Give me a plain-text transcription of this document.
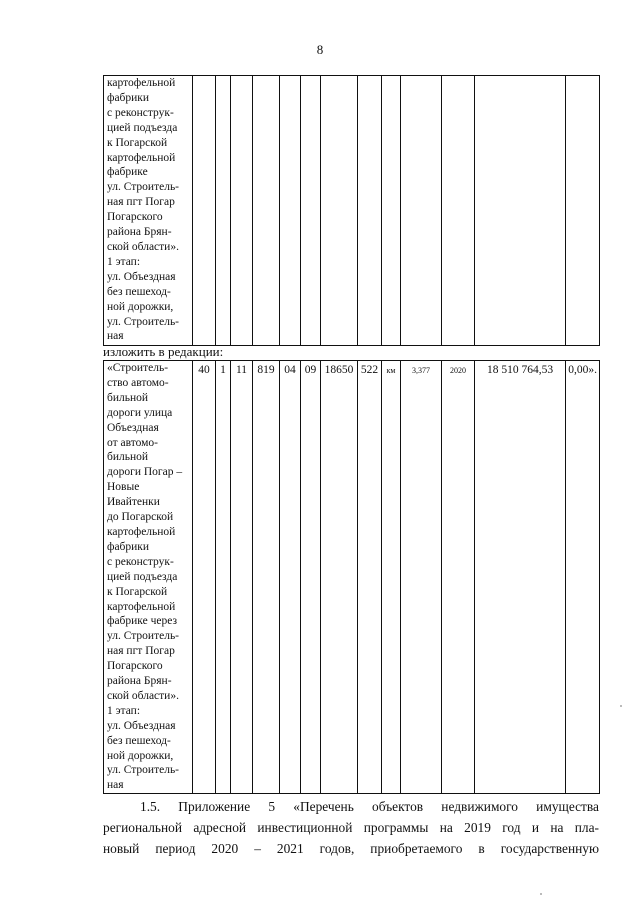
8
картофельной
фабрики
с реконструк-
цией подъезда
к Погарской
картофельной
фабрике
ул. Строитель-
ная пгт Погар
Погарского
района Брян-
ской области».
1 этап:
ул. Объездная
без пешеход-
ной дорожки,
ул. Строитель-
ная

изложить в редакции:
«Строитель-
ство автомо-
бильной
дороги улица
Объездная
от автомо-
бильной
дороги Погар –
Новые
Ивайтенки
до Погарской
картофельной
фабрики
с реконструк-
цией подъезда
к Погарской
картофельной
фабрике через
ул. Строитель-
ная пгт Погар
Погарского
района Брян-
ской области».
1 этап:
ул. Объездная
без пешеход-
ной дорожки,
ул. Строитель-
ная

40	1	11	819	04	09	18650	522	км	3,377	2020	18 510 764,53	0,00».
1.5. Приложение 5 «Перечень объектов недвижимого имущества
региональной адресной инвестиционной программы на 2019 год и на пла-
новый период 2020 – 2021 годов, приобретаемого в государственную
